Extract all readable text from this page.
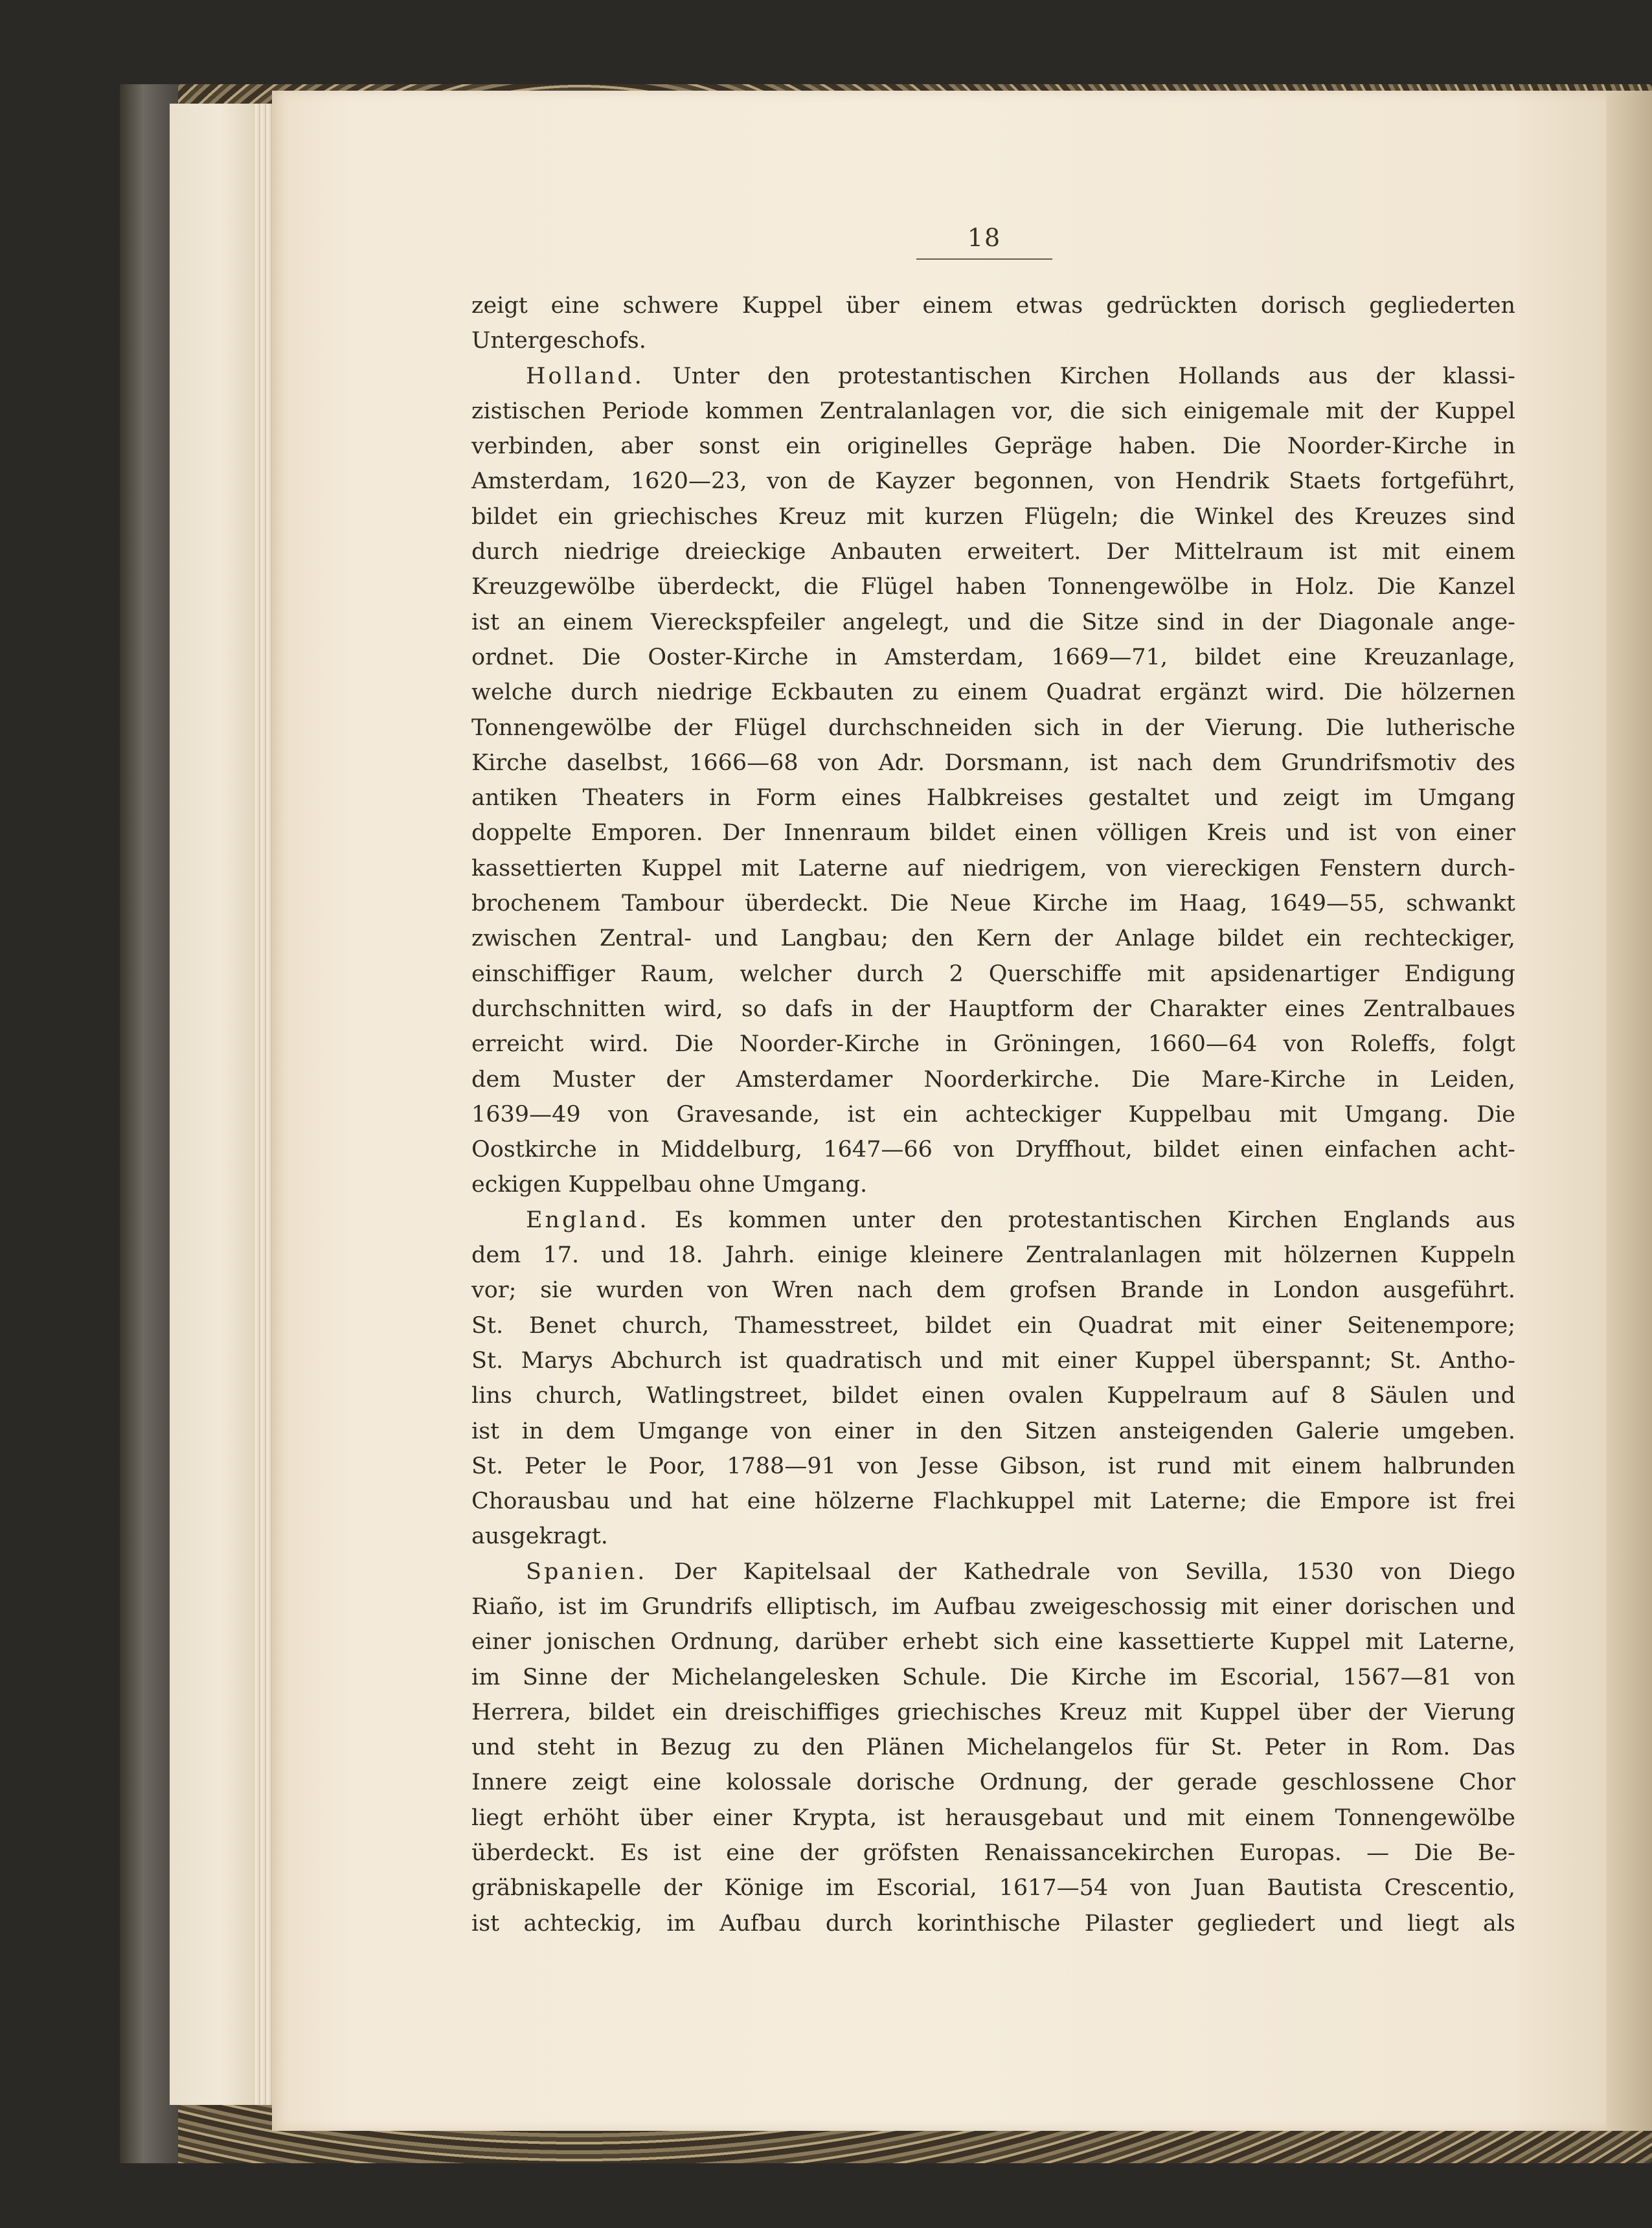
18
zeigt eine schwere Kuppel über einem etwas gedrückten dorisch gegliederten
Untergeschofs.
Holland. Unter den protestantischen Kirchen Hollands aus der klassi-
zistischen Periode kommen Zentralanlagen vor, die sich einigemale mit der Kuppel
verbinden, aber sonst ein originelles Gepräge haben. Die Noorder-Kirche in
Amsterdam, 1620—23, von de Kayzer begonnen, von Hendrik Staets fortgeführt,
bildet ein griechisches Kreuz mit kurzen Flügeln; die Winkel des Kreuzes sind
durch niedrige dreieckige Anbauten erweitert. Der Mittelraum ist mit einem
Kreuzgewölbe überdeckt, die Flügel haben Tonnengewölbe in Holz. Die Kanzel
ist an einem Viereckspfeiler angelegt, und die Sitze sind in der Diagonale ange-
ordnet. Die Ooster-Kirche in Amsterdam, 1669—71, bildet eine Kreuzanlage,
welche durch niedrige Eckbauten zu einem Quadrat ergänzt wird. Die hölzernen
Tonnengewölbe der Flügel durchschneiden sich in der Vierung. Die lutherische
Kirche daselbst, 1666—68 von Adr. Dorsmann, ist nach dem Grundrifsmotiv des
antiken Theaters in Form eines Halbkreises gestaltet und zeigt im Umgang
doppelte Emporen. Der Innenraum bildet einen völligen Kreis und ist von einer
kassettierten Kuppel mit Laterne auf niedrigem, von viereckigen Fenstern durch-
brochenem Tambour überdeckt. Die Neue Kirche im Haag, 1649—55, schwankt
zwischen Zentral- und Langbau; den Kern der Anlage bildet ein rechteckiger,
einschiffiger Raum, welcher durch 2 Querschiffe mit apsidenartiger Endigung
durchschnitten wird, so dafs in der Hauptform der Charakter eines Zentralbaues
erreicht wird. Die Noorder-Kirche in Gröningen, 1660—64 von Roleffs, folgt
dem Muster der Amsterdamer Noorderkirche. Die Mare-Kirche in Leiden,
1639—49 von Gravesande, ist ein achteckiger Kuppelbau mit Umgang. Die
Oostkirche in Middelburg, 1647—66 von Dryffhout, bildet einen einfachen acht-
eckigen Kuppelbau ohne Umgang.
England. Es kommen unter den protestantischen Kirchen Englands aus
dem 17. und 18. Jahrh. einige kleinere Zentralanlagen mit hölzernen Kuppeln
vor; sie wurden von Wren nach dem grofsen Brande in London ausgeführt.
St. Benet church, Thamesstreet, bildet ein Quadrat mit einer Seitenempore;
St. Marys Abchurch ist quadratisch und mit einer Kuppel überspannt; St. Antho-
lins church, Watlingstreet, bildet einen ovalen Kuppelraum auf 8 Säulen und
ist in dem Umgange von einer in den Sitzen ansteigenden Galerie umgeben.
St. Peter le Poor, 1788—91 von Jesse Gibson, ist rund mit einem halbrunden
Chorausbau und hat eine hölzerne Flachkuppel mit Laterne; die Empore ist frei
ausgekragt.
Spanien. Der Kapitelsaal der Kathedrale von Sevilla, 1530 von Diego
Riaño, ist im Grundrifs elliptisch, im Aufbau zweigeschossig mit einer dorischen und
einer jonischen Ordnung, darüber erhebt sich eine kassettierte Kuppel mit Laterne,
im Sinne der Michelangelesken Schule. Die Kirche im Escorial, 1567—81 von
Herrera, bildet ein dreischiffiges griechisches Kreuz mit Kuppel über der Vierung
und steht in Bezug zu den Plänen Michelangelos für St. Peter in Rom. Das
Innere zeigt eine kolossale dorische Ordnung, der gerade geschlossene Chor
liegt erhöht über einer Krypta, ist herausgebaut und mit einem Tonnengewölbe
überdeckt. Es ist eine der gröfsten Renaissancekirchen Europas. — Die Be-
gräbniskapelle der Könige im Escorial, 1617—54 von Juan Bautista Crescentio,
ist achteckig, im Aufbau durch korinthische Pilaster gegliedert und liegt als
